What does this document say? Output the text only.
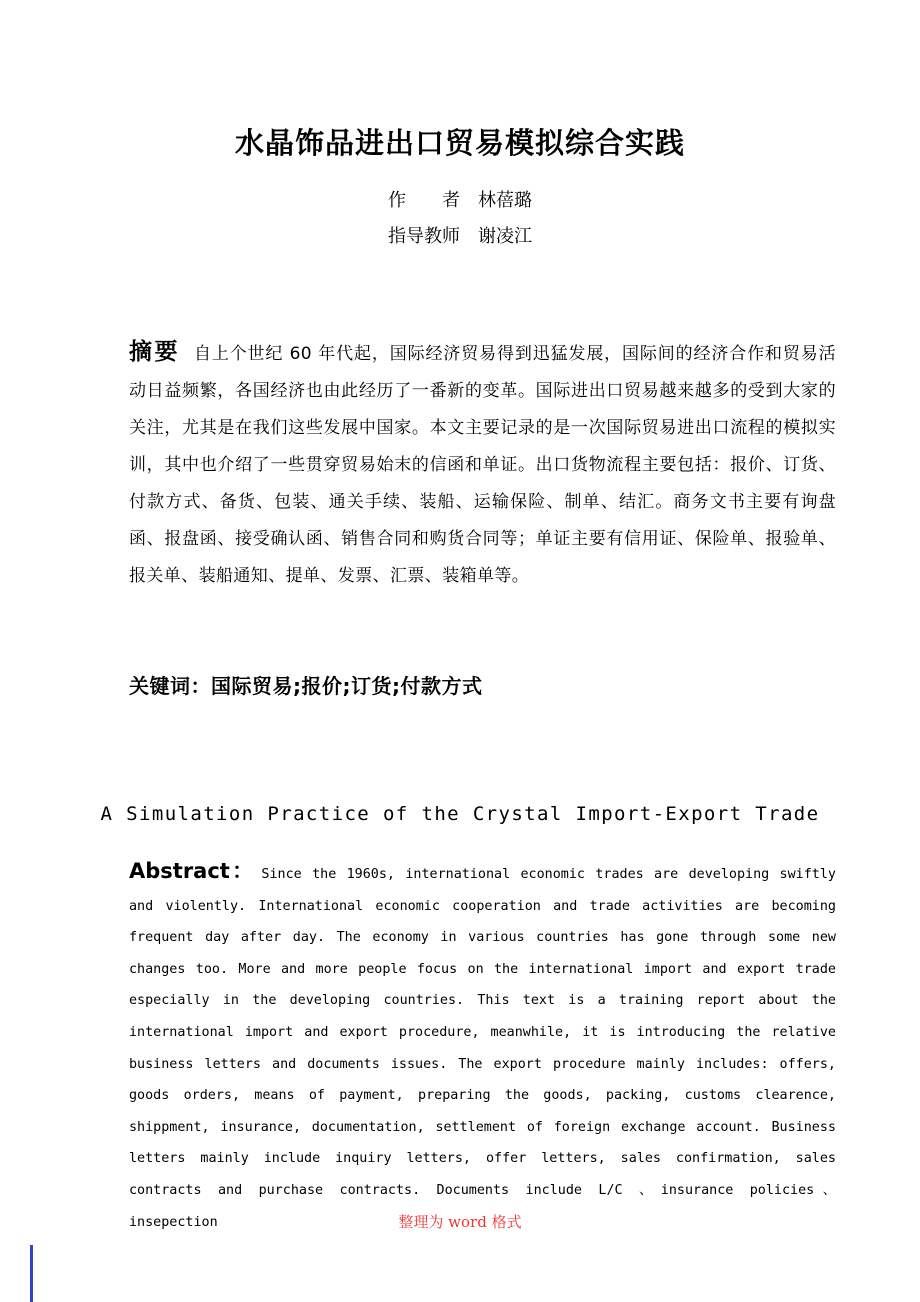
水晶饰品进出口贸易模拟综合实践

作　　者　林蓓璐

指导教师　谢凌江

摘要 自上个世纪 60 年代起，国际经济贸易得到迅猛发展，国际间的经济合作和贸易活动日益频繁，各国经济也由此经历了一番新的变革。国际进出口贸易越来越多的受到大家的关注，尤其是在我们这些发展中国家。本文主要记录的是一次国际贸易进出口流程的模拟实训，其中也介绍了一些贯穿贸易始末的信函和单证。出口货物流程主要包括：报价、订货、付款方式、备货、包装、通关手续、装船、运输保险、制单、结汇。商务文书主要有询盘函、报盘函、接受确认函、销售合同和购货合同等；单证主要有信用证、保险单、报验单、报关单、装船通知、提单、发票、汇票、装箱单等。

关键词：国际贸易;报价;订货;付款方式

A Simulation Practice of the Crystal Import-Export Trade

Abstract： Since the 1960s, international economic trades are developing swiftly and violently. International economic cooperation and trade activities are becoming frequent day after day. The economy in various countries has gone through some new changes too. More and more people focus on the international import and export trade especially in the developing countries. This text is a training report about the international import and export procedure, meanwhile, it is introducing the relative business letters and documents issues. The export procedure mainly includes: offers, goods orders, means of payment, preparing the goods, packing, customs clearence, shippment, insurance, documentation, settlement of foreign exchange account. Business letters mainly include inquiry letters, offer letters, sales confirmation, sales contracts and purchase contracts. Documents include L/C 、insurance policies、insepection	整理为 word 格式
